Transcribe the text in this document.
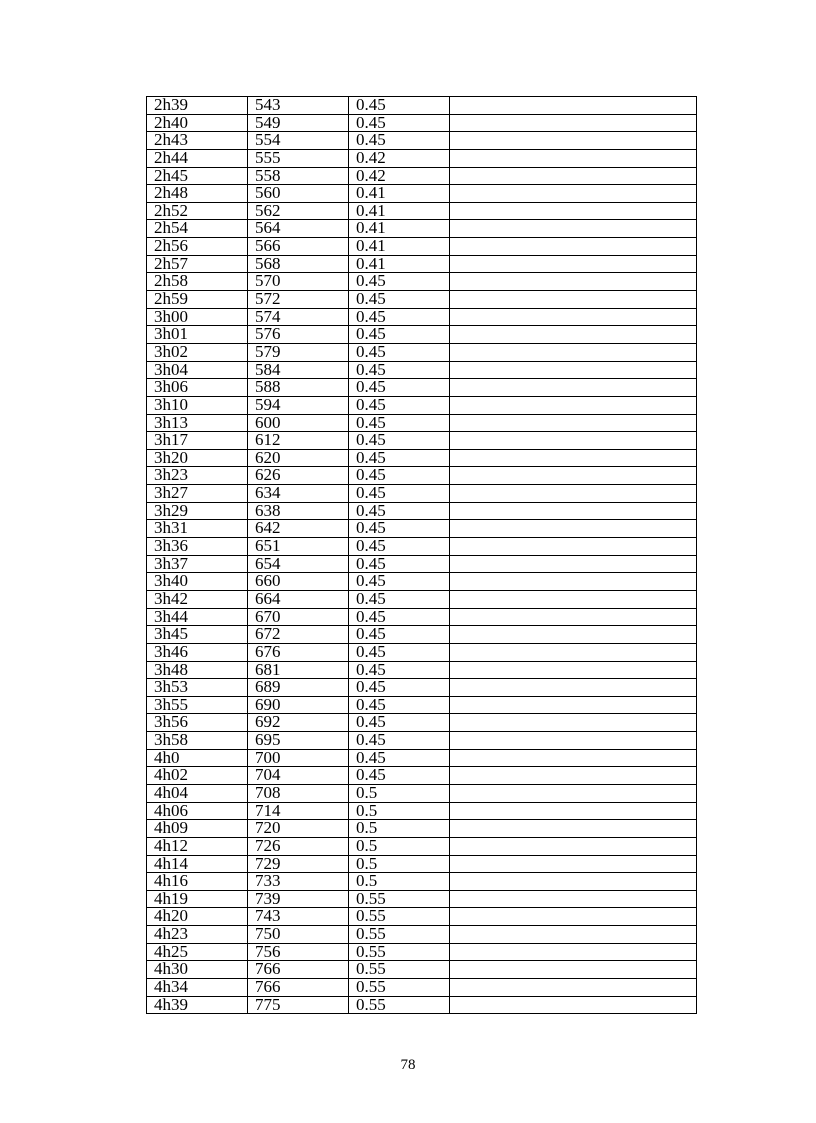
2h39	543	0.45	
2h40	549	0.45	
2h43	554	0.45	
2h44	555	0.42	
2h45	558	0.42	
2h48	560	0.41	
2h52	562	0.41	
2h54	564	0.41	
2h56	566	0.41	
2h57	568	0.41	
2h58	570	0.45	
2h59	572	0.45	
3h00	574	0.45	
3h01	576	0.45	
3h02	579	0.45	
3h04	584	0.45	
3h06	588	0.45	
3h10	594	0.45	
3h13	600	0.45	
3h17	612	0.45	
3h20	620	0.45	
3h23	626	0.45	
3h27	634	0.45	
3h29	638	0.45	
3h31	642	0.45	
3h36	651	0.45	
3h37	654	0.45	
3h40	660	0.45	
3h42	664	0.45	
3h44	670	0.45	
3h45	672	0.45	
3h46	676	0.45	
3h48	681	0.45	
3h53	689	0.45	
3h55	690	0.45	
3h56	692	0.45	
3h58	695	0.45	
4h0	700	0.45	
4h02	704	0.45	
4h04	708	0.5	
4h06	714	0.5	
4h09	720	0.5	
4h12	726	0.5	
4h14	729	0.5	
4h16	733	0.5	
4h19	739	0.55	
4h20	743	0.55	
4h23	750	0.55	
4h25	756	0.55	
4h30	766	0.55	
4h34	766	0.55	
4h39	775	0.55	
78
